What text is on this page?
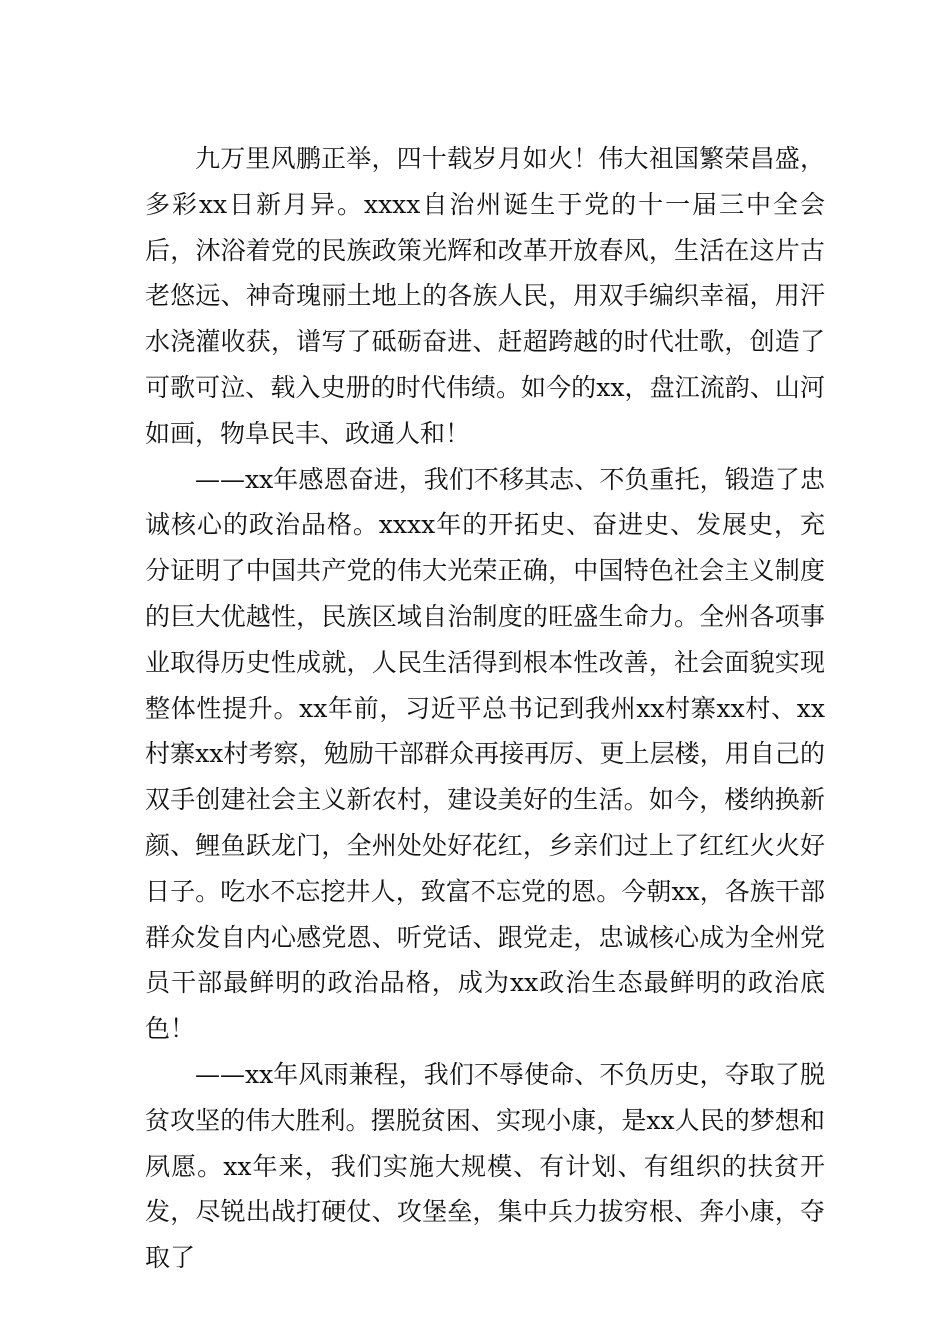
九万里风鹏正举，四十载岁月如火！伟大祖国繁荣昌盛，多彩xx日新月异。xxxx自治州诞生于党的十一届三中全会后，沐浴着党的民族政策光辉和改革开放春风，生活在这片古老悠远、神奇瑰丽土地上的各族人民，用双手编织幸福，用汗水浇灌收获，谱写了砥砺奋进、赶超跨越的时代壮歌，创造了可歌可泣、载入史册的时代伟绩。如今的xx，盘江流韵、山河如画，物阜民丰、政通人和！

——xx年感恩奋进，我们不移其志、不负重托，锻造了忠诚核心的政治品格。xxxx年的开拓史、奋进史、发展史，充分证明了中国共产党的伟大光荣正确，中国特色社会主义制度的巨大优越性，民族区域自治制度的旺盛生命力。全州各项事业取得历史性成就，人民生活得到根本性改善，社会面貌实现整体性提升。xx年前，习近平总书记到我州xx村寨xx村、xx村寨xx村考察，勉励干部群众再接再厉、更上层楼，用自己的双手创建社会主义新农村，建设美好的生活。如今，楼纳换新颜、鲤鱼跃龙门，全州处处好花红，乡亲们过上了红红火火好日子。吃水不忘挖井人，致富不忘党的恩。今朝xx，各族干部群众发自内心感党恩、听党话、跟党走，忠诚核心成为全州党员干部最鲜明的政治品格，成为xx政治生态最鲜明的政治底色！

——xx年风雨兼程，我们不辱使命、不负历史，夺取了脱贫攻坚的伟大胜利。摆脱贫困、实现小康，是xx人民的梦想和夙愿。xx年来，我们实施大规模、有计划、有组织的扶贫开发，尽锐出战打硬仗、攻堡垒，集中兵力拔穷根、奔小康，夺取了
